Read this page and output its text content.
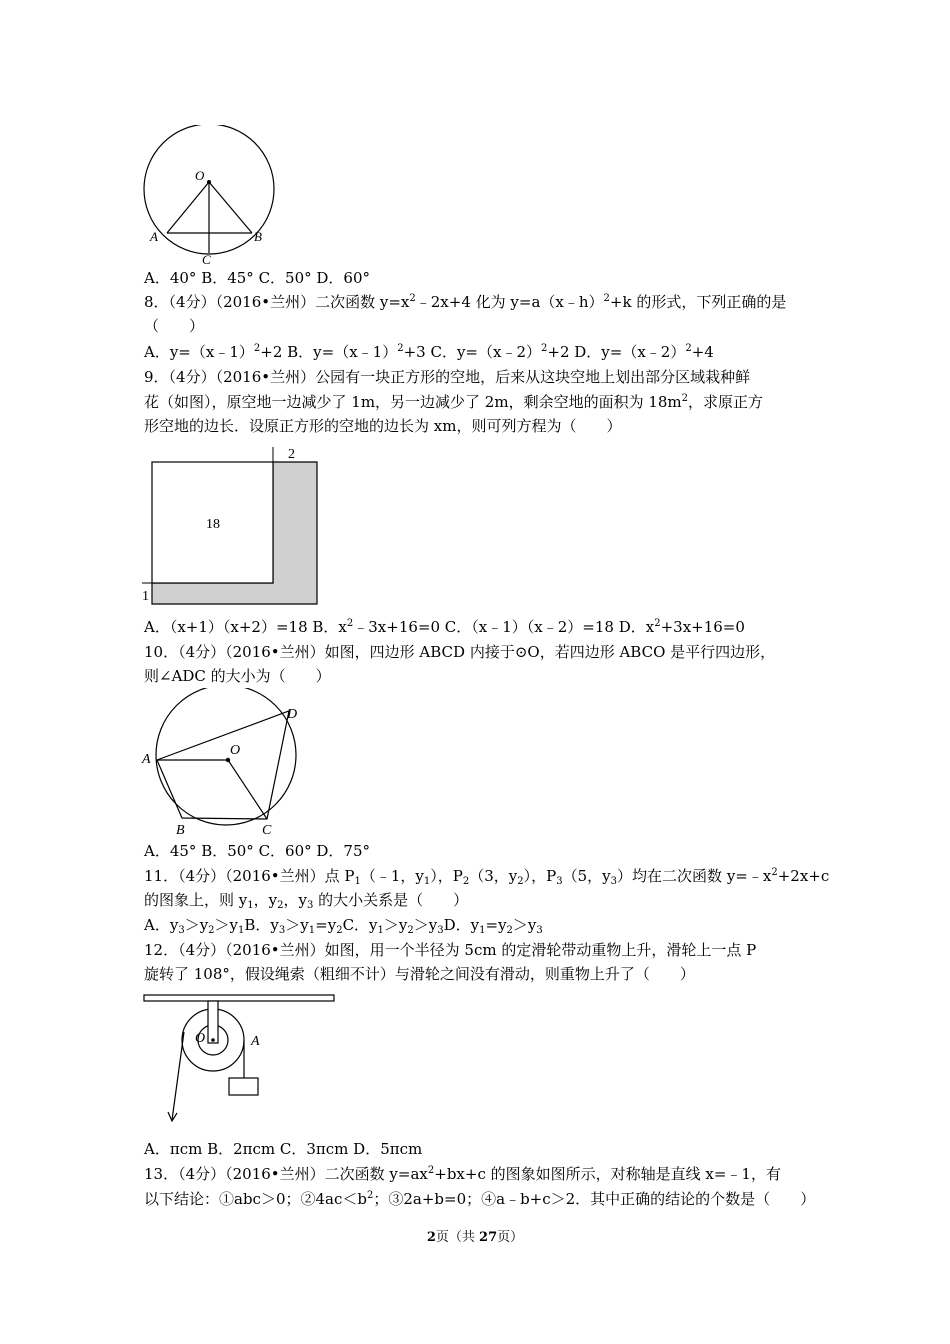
O
A	B
C
A．40° B．45° C．50° D．60°
8．（4分）（2016•兰州）二次函数 $y=x^2﹣2x+4$ 化为 y=a（x﹣h）$^2$+k 的形式，下列正确的是
（　　）
A．y=（x﹣1）$^2$+2 B．y=（x﹣1）$^2$+3 C．y=（x﹣2）$^2$+2 D．y=（x﹣2）$^2$+4
9．（4分）（2016•兰州）公园有一块正方形的空地，后来从这块空地上划出部分区域栽种鲜
花（如图），原空地一边减少了 1m，另一边减少了 2m，剩余空地的面积为 $18m^2$，求原正方
形空地的边长．设原正方形的空地的边长为 xm，则可列方程为（　　）
18
2
1
A．（x+1）（x+2）=18 B．$x^2﹣3x+16=0$ C．（x﹣1）（x﹣2）=18 D．$x^2+3x+16=0$
10．（4分）（2016•兰州）如图，四边形 ABCD 内接于⊙O，若四边形 ABCO 是平行四边形，
则∠ADC 的大小为（　　）
A
D
O
B	C
A．45° B．50° C．60° D．75°
11．（4分）（2016•兰州）点 $P_1(﹣1$，$y_1$），$P_2(3$，$y_2$），$P_3(5$，$y_3$）均在二次函数 $y=﹣x^2+2x+c$
的图象上，则 $y_1$，$y_2$，$y_3$ 的大小关系是（　　）
A．$y_3>y_2>y_1B$．$y_3>y_1=y_2C$．$y_1>y_2>y_3D$．$y_1=y_2>y_3$
12．（4分）（2016•兰州）如图，用一个半径为 5cm 的定滑轮带动重物上升，滑轮上一点 P
旋转了 108°，假设绳索（粗细不计）与滑轮之间没有滑动，则重物上升了（　　）
O	A
A．πcm B．2πcm C．3πcm D．5πcm
13．（4分）（2016•兰州）二次函数 $y=ax^2+bx+c$ 的图象如图所示，对称轴是直线 x=﹣1，有
以下结论：①abc＞0；$②4ac<b^2$；③2a+b=0；④a﹣b+c＞2．其中正确的结论的个数是（　　）
2页（共 27页）
